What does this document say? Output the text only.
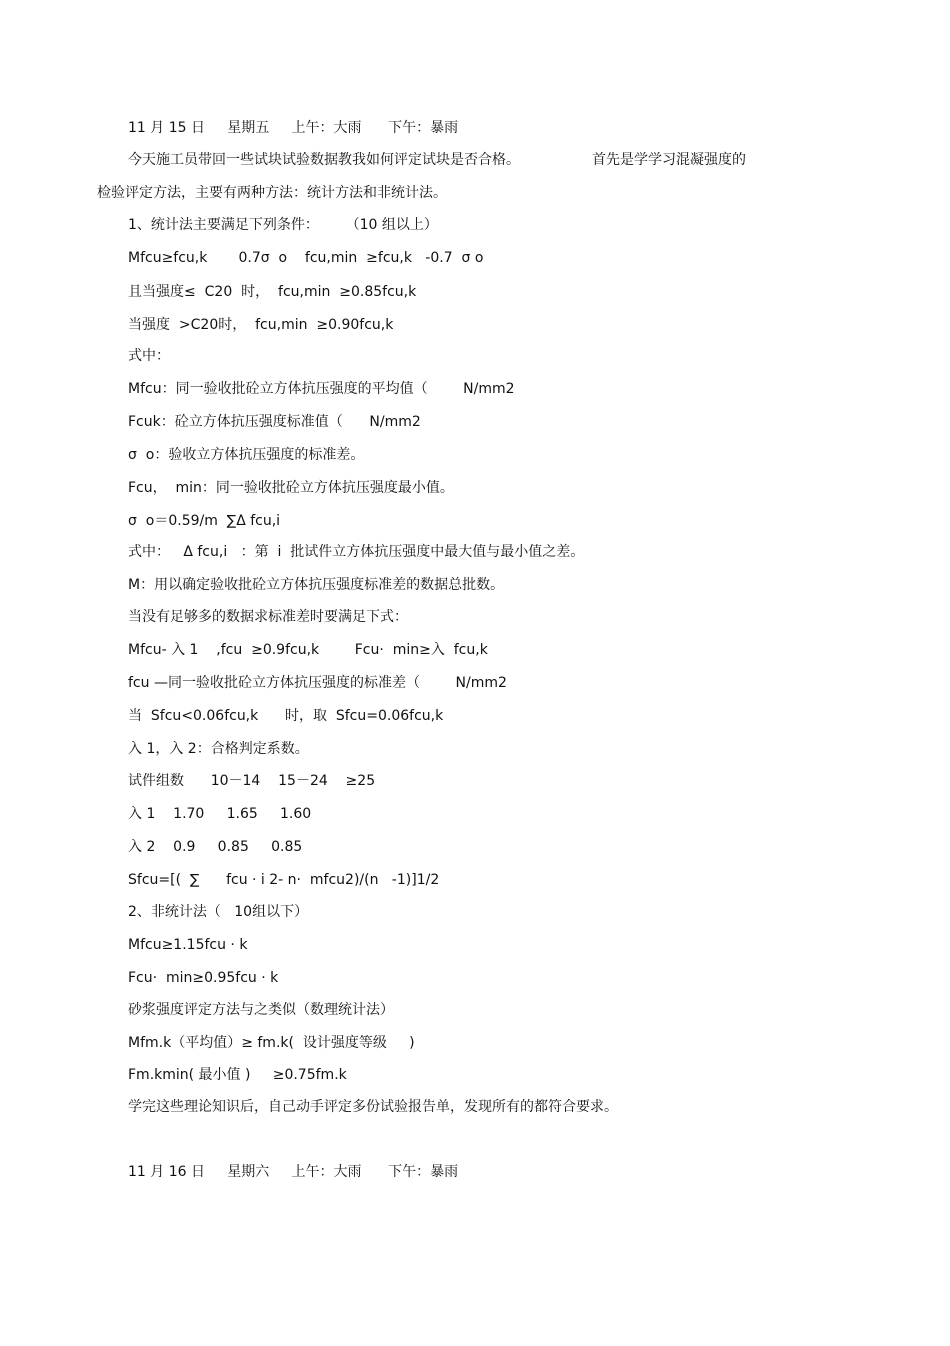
11 月 15 日     星期五     上午：大雨      下午：暴雨
今天施工员带回一些试块试验数据教我如何评定试块是否合格。	首先是学学习混凝强度的
检验评定方法，主要有两种方法：统计方法和非统计法。
1、统计法主要满足下列条件：      （10 组以上）
Mfcu≥fcu,k       0.7σ  o    fcu,min  ≥fcu,k   -0.7  σ o
且当强度≤  C20  时，  fcu,min  ≥0.85fcu,k
当强度  >C20时，  fcu,min  ≥0.90fcu,k
式中：
Mfcu：同一验收批砼立方体抗压强度的平均值（        N/mm2
Fcuk：砼立方体抗压强度标准值（      N/mm2
σ  o：验收立方体抗压强度的标准差。
Fcu，  min：同一验收批砼立方体抗压强度最小值。
σ  o＝0.59/m  ∑Δ fcu,i
式中：   Δ fcu,i   ：第  i  批试件立方体抗压强度中最大值与最小值之差。
M：用以确定验收批砼立方体抗压强度标准差的数据总批数。
当没有足够多的数据求标准差时要满足下式：
Mfcu- 入 1    ,fcu  ≥0.9fcu,k        Fcu·  min≥入  fcu,k
fcu —同一验收批砼立方体抗压强度的标准差（        N/mm2
当  Sfcu<0.06fcu,k      时，取  Sfcu=0.06fcu,k
入 1，入 2：合格判定系数。
试件组数      10－14    15－24    ≥25
入 1    1.70     1.65     1.60
入 2    0.9     0.85     0.85
Sfcu=[(  ∑      fcu · i 2- n·  mfcu2)/(n   -1)]1/2
2、非统计法（   10组以下）
Mfcu≥1.15fcu · k
Fcu·  min≥0.95fcu · k
砂浆强度评定方法与之类似（数理统计法）
Mfm.k（平均值）≥ fm.k(  设计强度等级     )
Fm.kmin( 最小值 )     ≥0.75fm.k
学完这些理论知识后，自己动手评定多份试验报告单，发现所有的都符合要求。
11 月 16 日     星期六     上午：大雨      下午：暴雨
